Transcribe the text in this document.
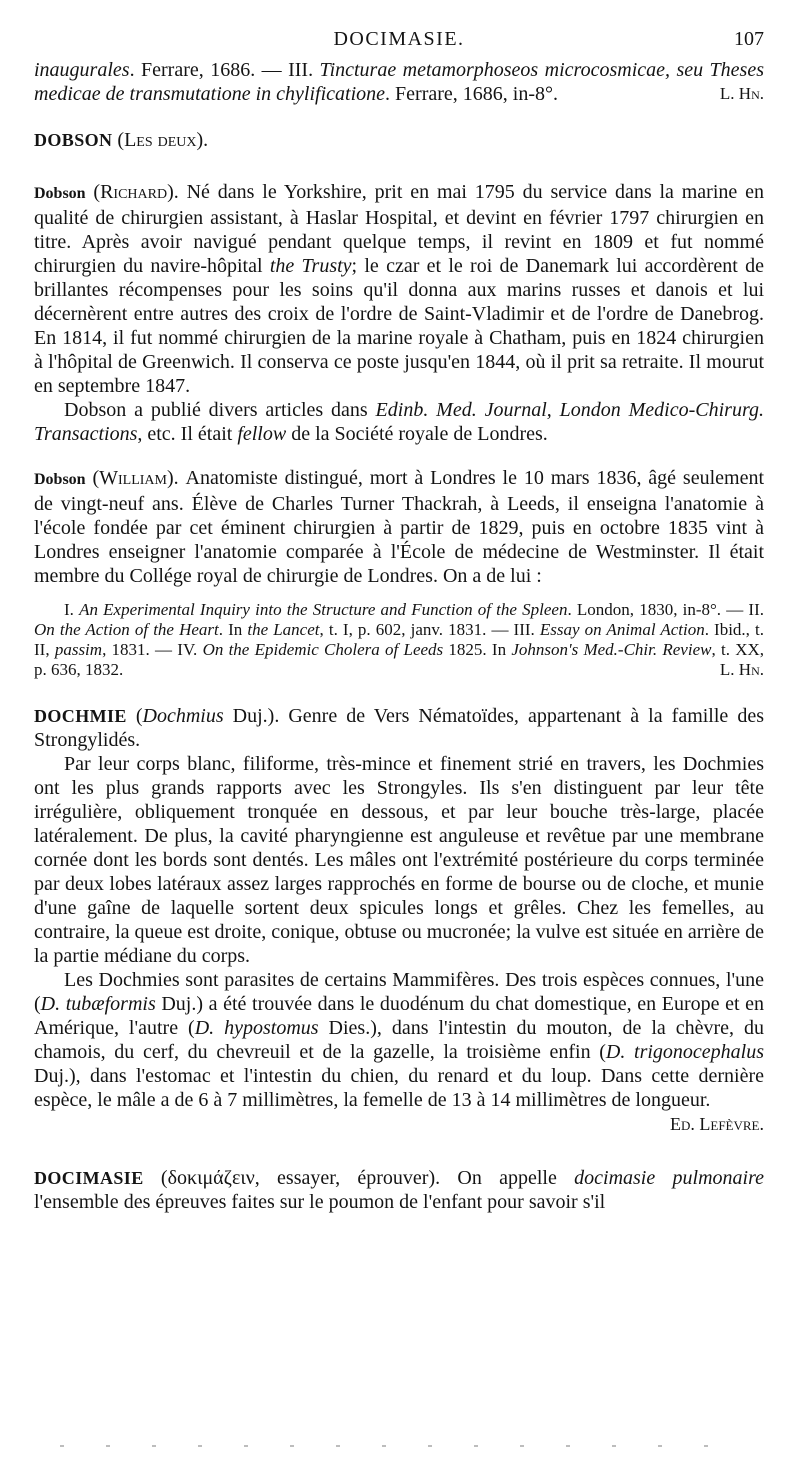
DOCIMASIE.	107

inaugurales. Ferrare, 1686. — III. Tincturae metamorphoseos microcosmicae, seu Theses medicae de transmutatione in chylificatione. Ferrare, 1686, in-8°.	L. Hn.

DOBSON (Les deux).

Dobson (Richard). Né dans le Yorkshire, prit en mai 1795 du service dans la marine en qualité de chirurgien assistant, à Haslar Hospital, et devint en février 1797 chirurgien en titre. Après avoir navigué pendant quelque temps, il revint en 1809 et fut nommé chirurgien du navire-hôpital the Trusty; le czar et le roi de Danemark lui accordèrent de brillantes récompenses pour les soins qu'il donna aux marins russes et danois et lui décernèrent entre autres des croix de l'ordre de Saint-Vladimir et de l'ordre de Danebrog. En 1814, il fut nommé chirurgien de la marine royale à Chatham, puis en 1824 chirurgien à l'hôpital de Greenwich. Il conserva ce poste jusqu'en 1844, où il prit sa retraite. Il mourut en septembre 1847.

Dobson a publié divers articles dans Edinb. Med. Journal, London Medico-Chirurg. Transactions, etc. Il était fellow de la Société royale de Londres.

Dobson (William). Anatomiste distingué, mort à Londres le 10 mars 1836, âgé seulement de vingt-neuf ans. Élève de Charles Turner Thackrah, à Leeds, il enseigna l'anatomie à l'école fondée par cet éminent chirurgien à partir de 1829, puis en octobre 1835 vint à Londres enseigner l'anatomie comparée à l'École de médecine de Westminster. Il était membre du Collége royal de chirurgie de Londres. On a de lui :

I. An Experimental Inquiry into the Structure and Function of the Spleen. London, 1830, in-8°. — II. On the Action of the Heart. In the Lancet, t. I, p. 602, janv. 1831. — III. Essay on Animal Action. Ibid., t. II, passim, 1831. — IV. On the Epidemic Cholera of Leeds 1825. In Johnson's Med.-Chir. Review, t. XX, p. 636, 1832.	L. Hn.

DOCHMIE (Dochmius Duj.). Genre de Vers Nématoïdes, appartenant à la famille des Strongylidés.

Par leur corps blanc, filiforme, très-mince et finement strié en travers, les Dochmies ont les plus grands rapports avec les Strongyles. Ils s'en distinguent par leur tête irrégulière, obliquement tronquée en dessous, et par leur bouche très-large, placée latéralement. De plus, la cavité pharyngienne est anguleuse et revêtue par une membrane cornée dont les bords sont dentés. Les mâles ont l'extrémité postérieure du corps terminée par deux lobes latéraux assez larges rapprochés en forme de bourse ou de cloche, et munie d'une gaîne de laquelle sortent deux spicules longs et grêles. Chez les femelles, au contraire, la queue est droite, conique, obtuse ou mucronée; la vulve est située en arrière de la partie médiane du corps.

Les Dochmies sont parasites de certains Mammifères. Des trois espèces connues, l'une (D. tubæformis Duj.) a été trouvée dans le duodénum du chat domestique, en Europe et en Amérique, l'autre (D. hypostomus Dies.), dans l'intestin du mouton, de la chèvre, du chamois, du cerf, du chevreuil et de la gazelle, la troisième enfin (D. trigonocephalus Duj.), dans l'estomac et l'intestin du chien, du renard et du loup. Dans cette dernière espèce, le mâle a de 6 à 7 millimètres, la femelle de 13 à 14 millimètres de longueur.
Ed. Lefèvre.

DOCIMASIE (δοκιμάζειν, essayer, éprouver). On appelle docimasie pulmonaire l'ensemble des épreuves faites sur le poumon de l'enfant pour savoir s'il
